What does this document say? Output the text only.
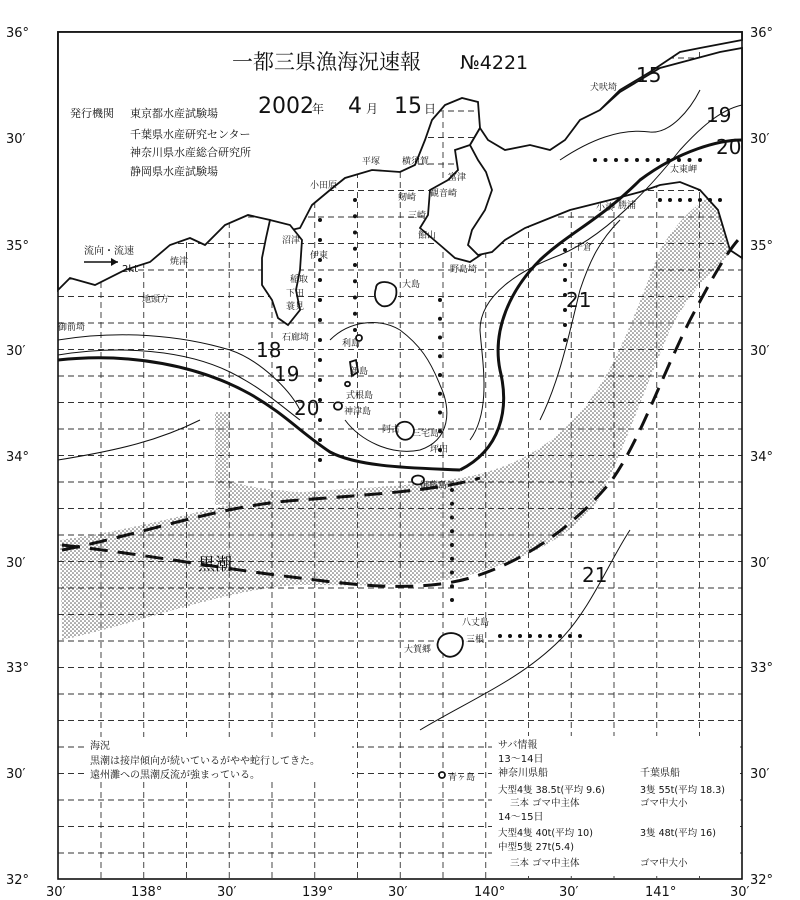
流向・流速
2kt
一都三県漁海況速報 №4221
2002
年 4 月 15 日
発行機関 東京都水産試験場
千葉県水産研究センター
神奈川県水産総合研究所
静岡県水産試験場
36°
30′
35°
30′
34°
30′
33°
30′
32°
36°
30′
35°
30′
34°
30′
33°
30′
32°
30′	138°	30′	139°	30′	140°	30′	141°	30′
15
19
20
18
19
20
21
21
黒潮
犬吠埼
太東岬
勝浦
小湊
千倉
野島埼
館山
富津
横須賀
観音崎
剱崎
三崎
平塚
小田原
沼津
伊東
稲取
下田
蓑見
石廊埼
大島
利島
新島
式根島
神津島
三宅島
阿古
坪田
御蔵島
焼津
地頭方
御前埼
八丈島
三根
大賀郷
青ヶ島
海況
黒潮は接岸傾向が続いているがやや蛇行してきた。
遠州灘への黒潮反流が強まっている。
サバ情報
13〜14日
神奈川県船	千葉県船
大型4隻 38.5t(平均 9.6)	3隻 55t(平均 18.3)
三本 ゴマ中主体	ゴマ中大小
14〜15日
大型4隻 40t(平均 10)	3隻 48t(平均 16)
中型5隻 27t(5.4)
三本 ゴマ中主体	ゴマ中大小
